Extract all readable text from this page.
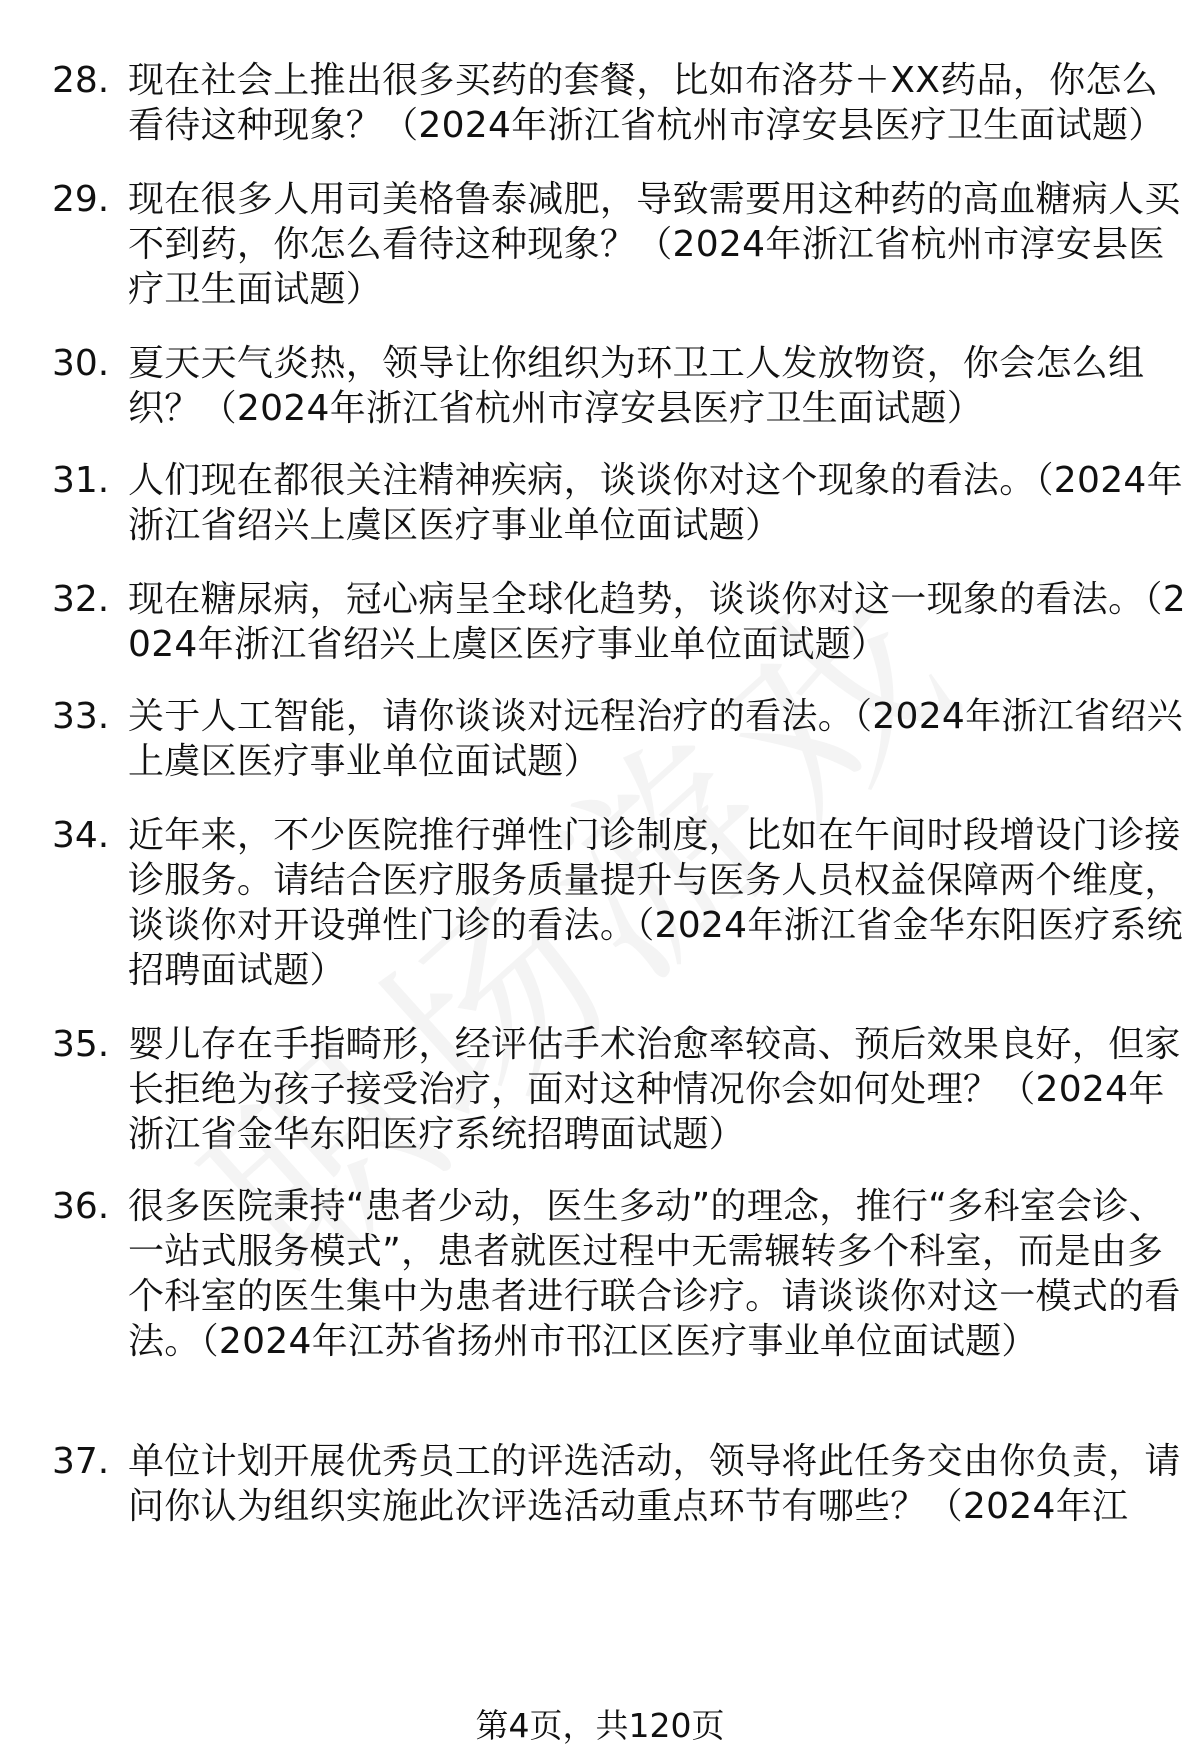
28. 现在社会上推出很多买药的套餐，比如布洛芬＋XX药品，你怎么看待这种现象？（2024年浙江省杭州市淳安县医疗卫生面试题）
29. 现在很多人用司美格鲁泰减肥，导致需要用这种药的高血糖病人买不到药，你怎么看待这种现象？（2024年浙江省杭州市淳安县医疗卫生面试题）
30. 夏天天气炎热，领导让你组织为环卫工人发放物资，你会怎么组织？（2024年浙江省杭州市淳安县医疗卫生面试题）
31. 人们现在都很关注精神疾病，谈谈你对这个现象的看法。（2024年浙江省绍兴上虞区医疗事业单位面试题）
32. 现在糖尿病，冠心病呈全球化趋势，谈谈你对这一现象的看法。（2024年浙江省绍兴上虞区医疗事业单位面试题）
33. 关于人工智能，请你谈谈对远程治疗的看法。（2024年浙江省绍兴上虞区医疗事业单位面试题）
34. 近年来，不少医院推行弹性门诊制度，比如在午间时段增设门诊接诊服务。请结合医疗服务质量提升与医务人员权益保障两个维度，谈谈你对开设弹性门诊的看法。（2024年浙江省金华东阳医疗系统招聘面试题）
35. 婴儿存在手指畸形，经评估手术治愈率较高、预后效果良好，但家长拒绝为孩子接受治疗，面对这种情况你会如何处理？（2024年浙江省金华东阳医疗系统招聘面试题）
36. 很多医院秉持“患者少动，医生多动”的理念，推行“多科室会诊、一站式服务模式”，患者就医过程中无需辗转多个科室，而是由多个科室的医生集中为患者进行联合诊疗。请谈谈你对这一模式的看法。（2024年江苏省扬州市邗江区医疗事业单位面试题）
37. 单位计划开展优秀员工的评选活动，领导将此任务交由你负责，请问你认为组织实施此次评选活动重点环节有哪些？（2024年江
第4页，共120页
